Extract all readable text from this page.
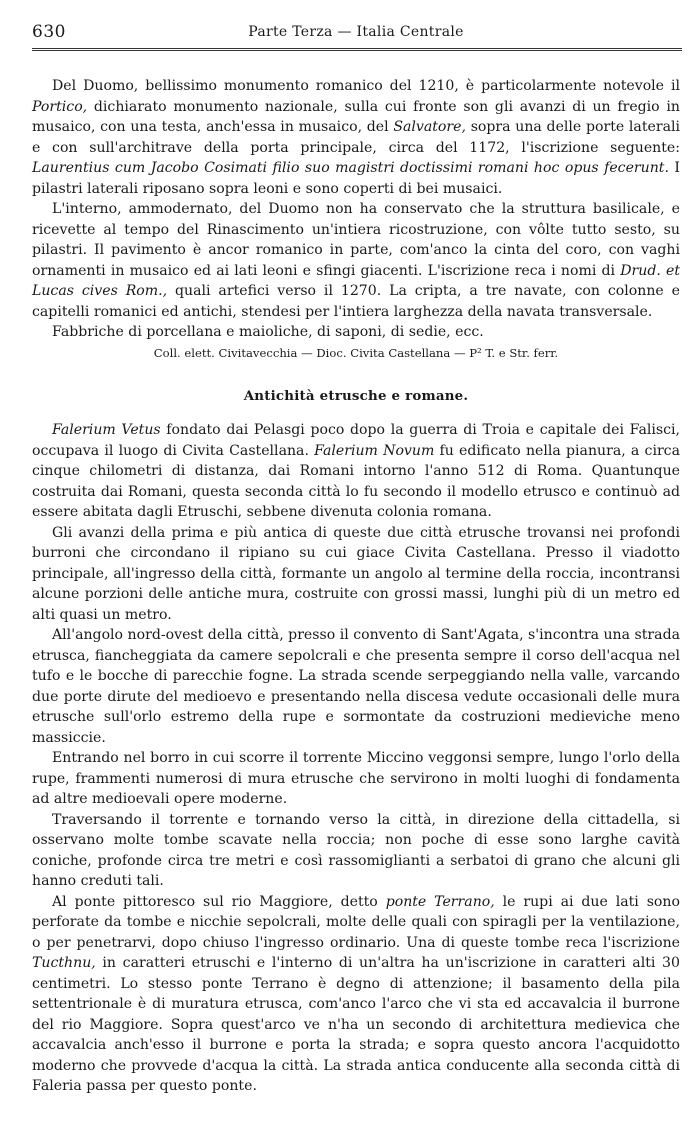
630	Parte Terza — Italia Centrale

Del Duomo, bellissimo monumento romanico del 1210, è particolarmente notevole il Portico, dichiarato monumento nazionale, sulla cui fronte son gli avanzi di un fregio in musaico, con una testa, anch'essa in musaico, del Salvatore, sopra una delle porte laterali e con sull'architrave della porta principale, circa del 1172, l'iscrizione seguente: Laurentius cum Jacobo Cosimati filio suo magistri doctissimi romani hoc opus fecerunt. I pilastri laterali riposano sopra leoni e sono coperti di bei musaici.

L'interno, ammodernato, del Duomo non ha conservato che la struttura basilicale, e ricevette al tempo del Rinascimento un'intiera ricostruzione, con vôlte tutto sesto, su pilastri. Il pavimento è ancor romanico in parte, com'anco la cinta del coro, con vaghi ornamenti in musaico ed ai lati leoni e sfingi giacenti. L'iscrizione reca i nomi di Drud. et Lucas cives Rom., quali artefici verso il 1270. La cripta, a tre navate, con colonne e capitelli romanici ed antichi, stendesi per l'intiera larghezza della navata transversale.

Fabbriche di porcellana e maioliche, di saponi, di sedie, ecc.

Coll. elett. Civitavecchia — Dioc. Civita Castellana — P² T. e Str. ferr.

Antichità etrusche e romane.

Falerium Vetus fondato dai Pelasgi poco dopo la guerra di Troia e capitale dei Falisci, occupava il luogo di Civita Castellana. Falerium Novum fu edificato nella pianura, a circa cinque chilometri di distanza, dai Romani intorno l'anno 512 di Roma. Quantunque costruita dai Romani, questa seconda città lo fu secondo il modello etrusco e continuò ad essere abitata dagli Etruschi, sebbene divenuta colonia romana.

Gli avanzi della prima e più antica di queste due città etrusche trovansi nei profondi burroni che circondano il ripiano su cui giace Civita Castellana. Presso il viadotto principale, all'ingresso della città, formante un angolo al termine della roccia, incontransi alcune porzioni delle antiche mura, costruite con grossi massi, lunghi più di un metro ed alti quasi un metro.

All'angolo nord-ovest della città, presso il convento di Sant'Agata, s'incontra una strada etrusca, fiancheggiata da camere sepolcrali e che presenta sempre il corso dell'acqua nel tufo e le bocche di parecchie fogne. La strada scende serpeggiando nella valle, varcando due porte dirute del medioevo e presentando nella discesa vedute occasionali delle mura etrusche sull'orlo estremo della rupe e sormontate da costruzioni medieviche meno massiccie.

Entrando nel borro in cui scorre il torrente Miccino veggonsi sempre, lungo l'orlo della rupe, frammenti numerosi di mura etrusche che servirono in molti luoghi di fondamenta ad altre medioevali opere moderne.

Traversando il torrente e tornando verso la città, in direzione della cittadella, si osservano molte tombe scavate nella roccia; non poche di esse sono larghe cavità coniche, profonde circa tre metri e così rassomiglianti a serbatoi di grano che alcuni gli hanno creduti tali.

Al ponte pittoresco sul rio Maggiore, detto ponte Terrano, le rupi ai due lati sono perforate da tombe e nicchie sepolcrali, molte delle quali con spiragli per la ventilazione, o per penetrarvi, dopo chiuso l'ingresso ordinario. Una di queste tombe reca l'iscrizione Tucthnu, in caratteri etruschi e l'interno di un'altra ha un'iscrizione in caratteri alti 30 centimetri. Lo stesso ponte Terrano è degno di attenzione; il basamento della pila settentrionale è di muratura etrusca, com'anco l'arco che vi sta ed accavalcia il burrone del rio Maggiore. Sopra quest'arco ve n'ha un secondo di architettura medievica che accavalcia anch'esso il burrone e porta la strada; e sopra questo ancora l'acquidotto moderno che provvede d'acqua la città. La strada antica conducente alla seconda città di Faleria passa per questo ponte.
